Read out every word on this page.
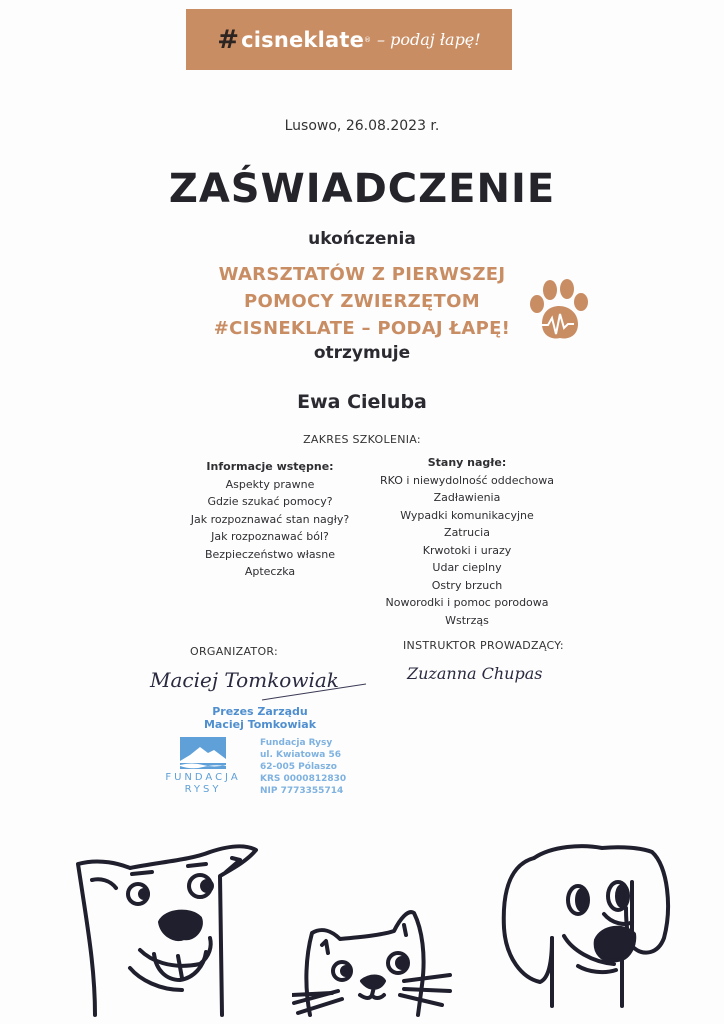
# cisneklate ® – podaj łapę!
Lusowo, 26.08.2023 r.
ZAŚWIADCZENIE
ukończenia
WARSZTATÓW Z PIERWSZEJ
POMOCY ZWIERZĘTOM
#CISNEKLATE – PODAJ ŁAPĘ!
otrzymuje
Ewa Cieluba
ZAKRES SZKOLENIA:
Informacje wstępne:
Aspekty prawne
Gdzie szukać pomocy?
Jak rozpoznawać stan nagły?
Jak rozpoznawać ból?
Bezpieczeństwo własne
Apteczka
Stany nagłe:
RKO i niewydolność oddechowa
Zadławienia
Wypadki komunikacyjne
Zatrucia
Krwotoki i urazy
Udar cieplny
Ostry brzuch
Noworodki i pomoc porodowa
Wstrząs
ORGANIZATOR:
Maciej Tomkowiak
Prezes Zarządu
Maciej Tomkowiak
FUNDACJA
RYSY
Fundacja Rysy
ul. Kwiatowa 56
62-005 Pólaszo
KRS 0000812830
NIP 7773355714
INSTRUKTOR PROWADZĄCY:
Zuzanna Chupas
